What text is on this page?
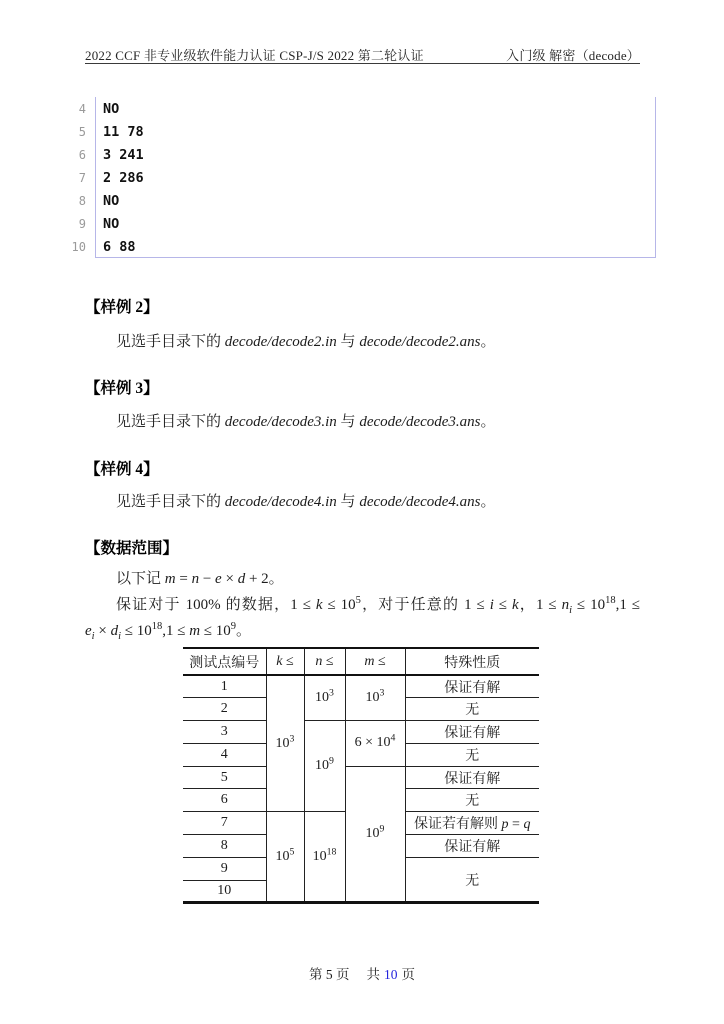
2022 CCF 非专业级软件能力认证 CSP-J/S 2022 第二轮认证	入门级 解密（decode）
4 NO
5 11 78
6 3 241
7 2 286
8 NO
9 NO
10 6 88
【样例 2】
见选手目录下的 decode/decode2.in 与 decode/decode2.ans。
【样例 3】
见选手目录下的 decode/decode3.in 与 decode/decode3.ans。
【样例 4】
见选手目录下的 decode/decode4.in 与 decode/decode4.ans。
【数据范围】
以下记 m = n − e × d + 2。
保证对于 100% 的数据，$1 \le k \le 10^5$，对于任意的 1 ≤ i ≤ k，$1 \le n_i \le 10^{18},1$ ≤
$e_i \times d_i \le 10^{18},1 \le m \le 10^9$。
测试点编号	k ≤	n ≤	m ≤	特殊性质
1	$10^3$	$10^3$	$10^3$	保证有解
2				无
3		$10^9$	$6 \times 10^4$	保证有解
4				无
5			$10^9$	保证有解
6				无
7	$10^5$	$10^{18}$		保证若有解则 p = q
8				保证有解
9				无
10				
第 5 页 共 10 页
